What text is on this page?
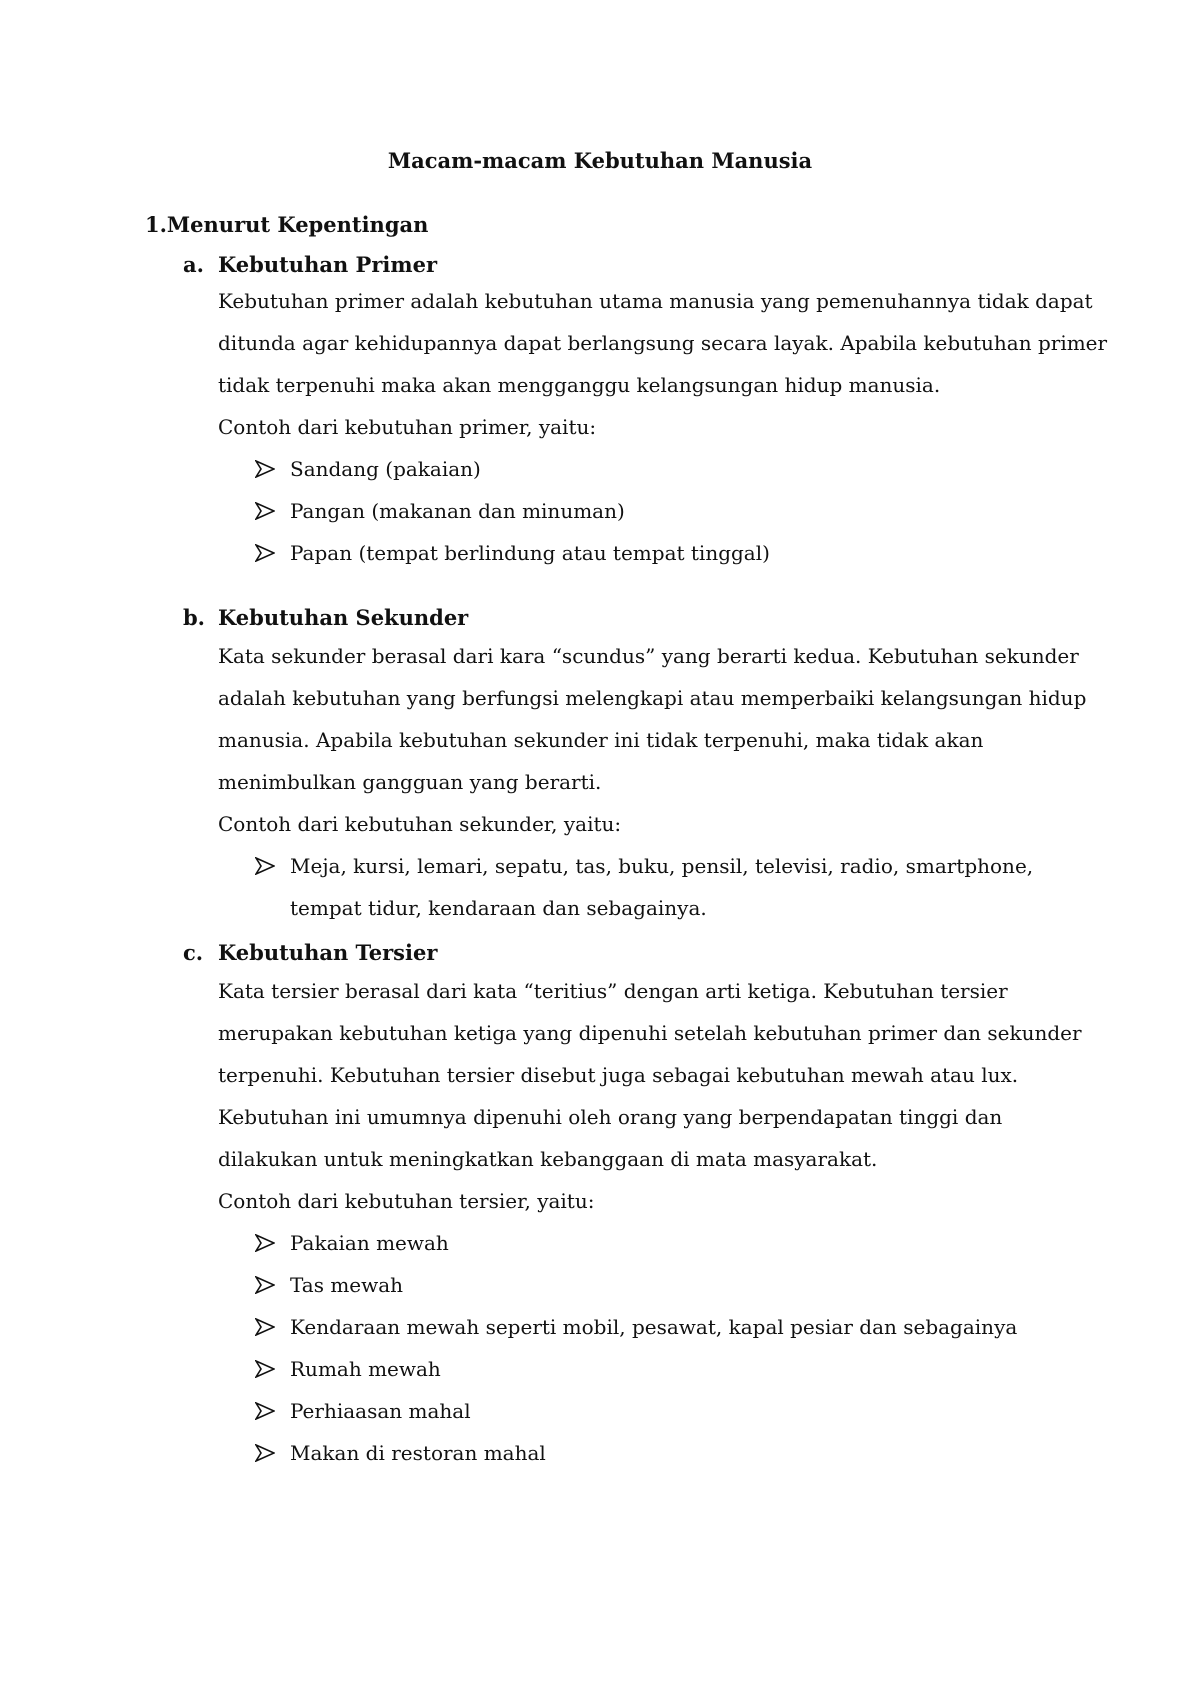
Macam-macam Kebutuhan Manusia
1.Menurut Kepentingan
a. Kebutuhan Primer
Kebutuhan primer adalah kebutuhan utama manusia yang pemenuhannya tidak dapat
ditunda agar kehidupannya dapat berlangsung secara layak. Apabila kebutuhan primer
tidak terpenuhi maka akan mengganggu kelangsungan hidup manusia.
Contoh dari kebutuhan primer, yaitu:
Sandang (pakaian)
Pangan (makanan dan minuman)
Papan (tempat berlindung atau tempat tinggal)
b. Kebutuhan Sekunder
Kata sekunder berasal dari kara “scundus” yang berarti kedua. Kebutuhan sekunder
adalah kebutuhan yang berfungsi melengkapi atau memperbaiki kelangsungan hidup
manusia. Apabila kebutuhan sekunder ini tidak terpenuhi, maka tidak akan
menimbulkan gangguan yang berarti.
Contoh dari kebutuhan sekunder, yaitu:
Meja, kursi, lemari, sepatu, tas, buku, pensil, televisi, radio, smartphone,
tempat tidur, kendaraan dan sebagainya.
c. Kebutuhan Tersier
Kata tersier berasal dari kata “teritius” dengan arti ketiga. Kebutuhan tersier
merupakan kebutuhan ketiga yang dipenuhi setelah kebutuhan primer dan sekunder
terpenuhi. Kebutuhan tersier disebut juga sebagai kebutuhan mewah atau lux.
Kebutuhan ini umumnya dipenuhi oleh orang yang berpendapatan tinggi dan
dilakukan untuk meningkatkan kebanggaan di mata masyarakat.
Contoh dari kebutuhan tersier, yaitu:
Pakaian mewah
Tas mewah
Kendaraan mewah seperti mobil, pesawat, kapal pesiar dan sebagainya
Rumah mewah
Perhiaasan mahal
Makan di restoran mahal
